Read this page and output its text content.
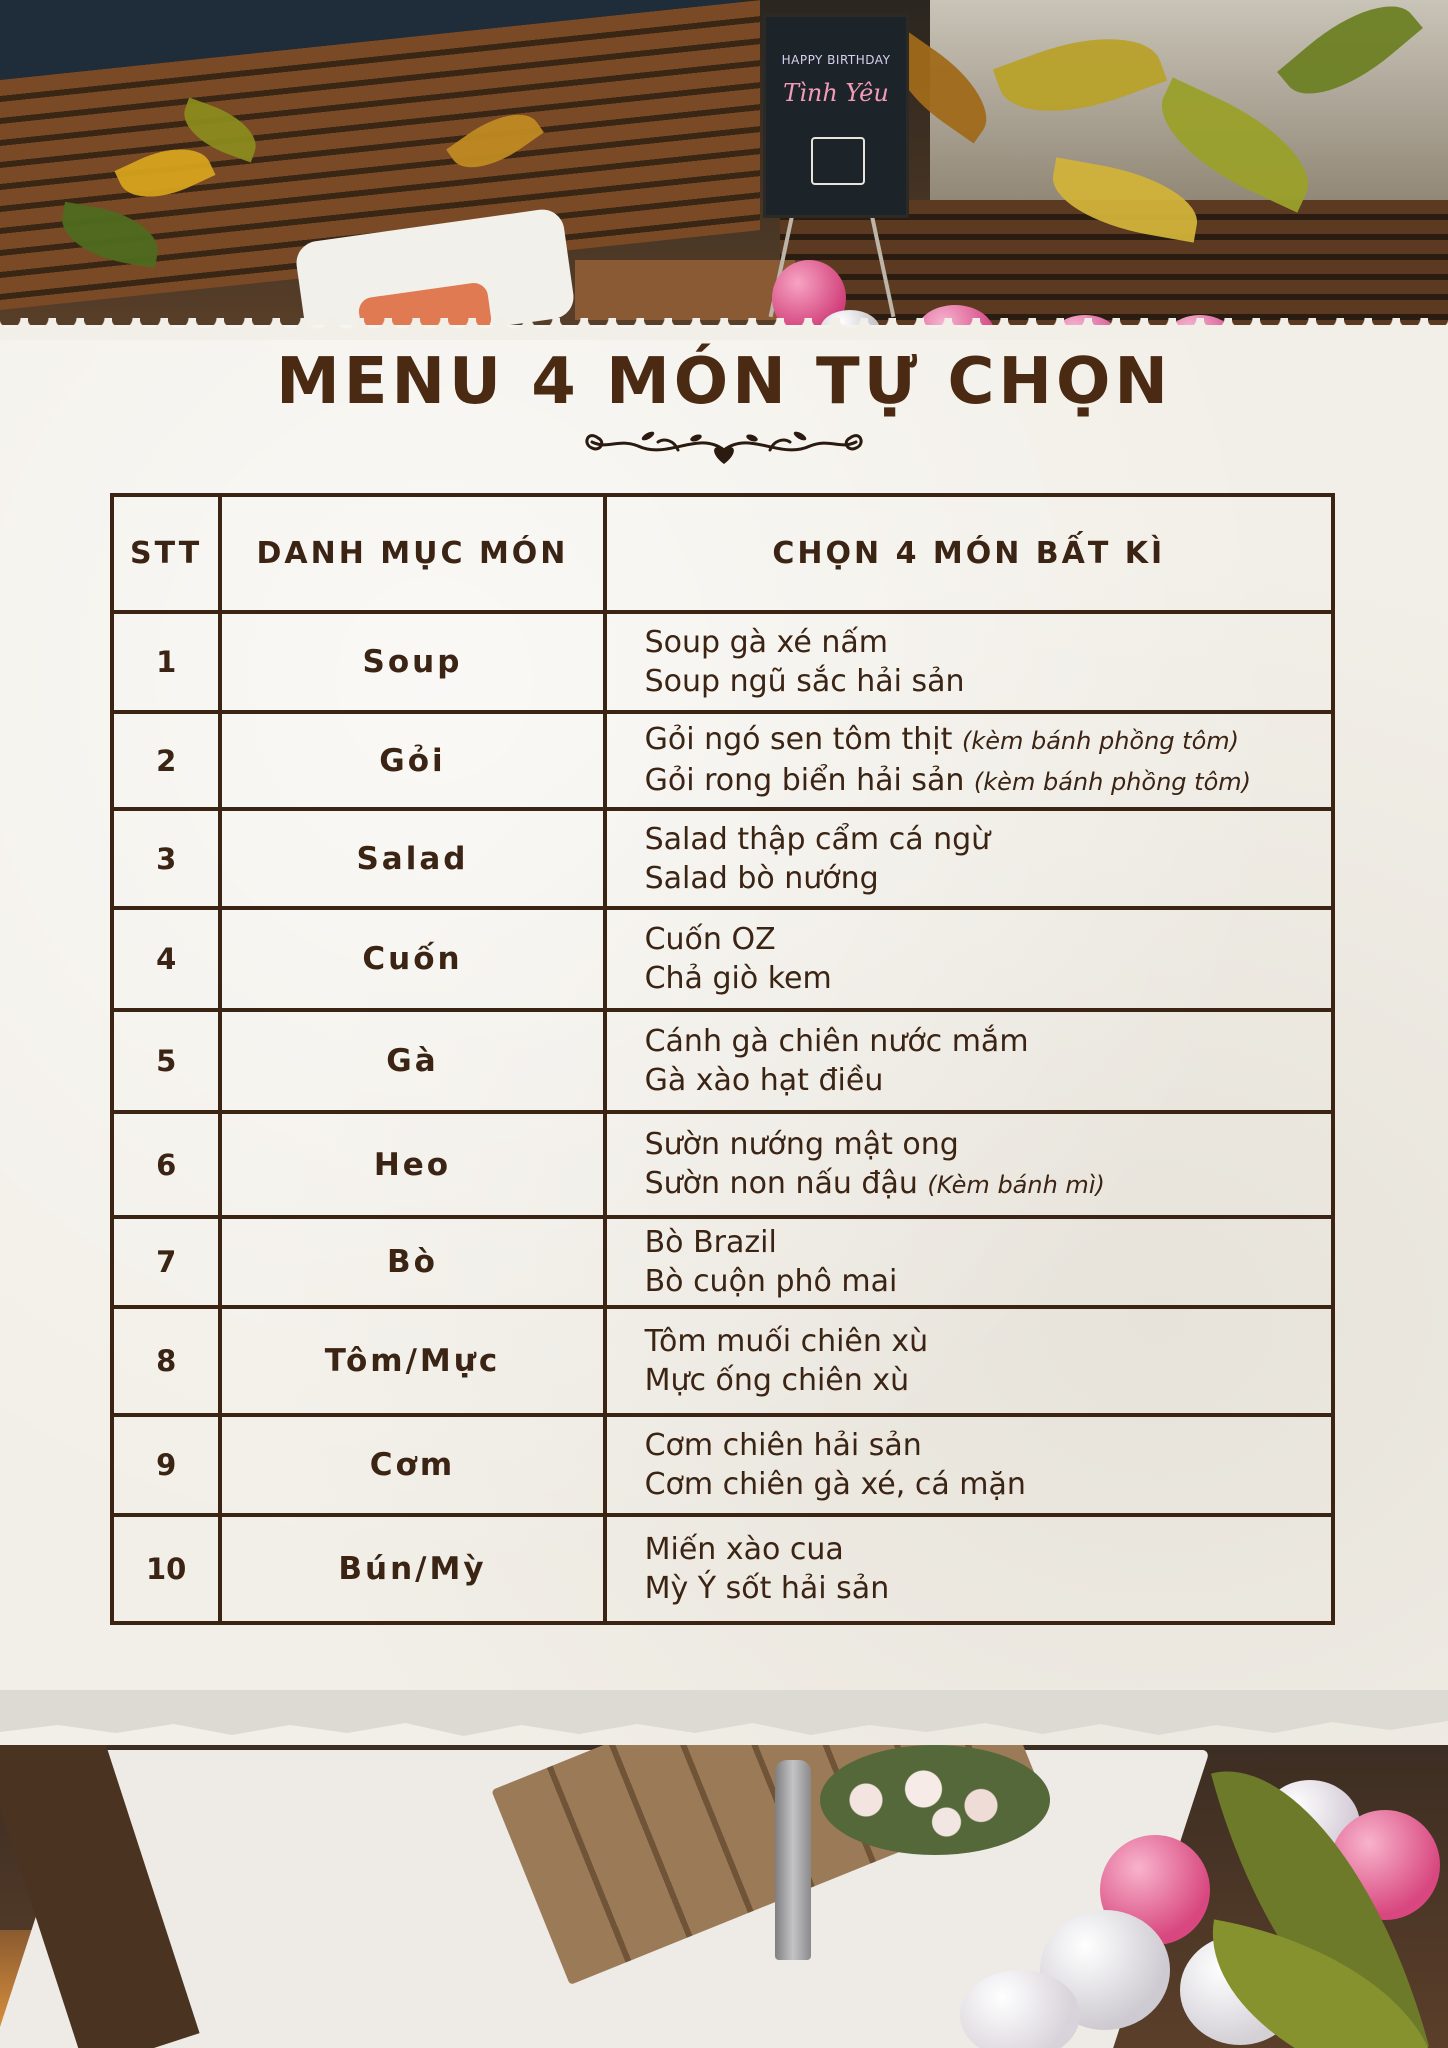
HAPPY BIRTHDAY
Tình Yêu
MENU 4 MÓN TỰ CHỌN
STT	DANH MỤC MÓN	CHỌN 4 MÓN BẤT KÌ
1	Soup	Soup gà xé nấm
Soup ngũ sắc hải sản

2	Gỏi	Gỏi ngó sen tôm thịt (kèm bánh phồng tôm)
Gỏi rong biển hải sản (kèm bánh phồng tôm)

3	Salad	Salad thập cẩm cá ngừ
Salad bò nướng

4	Cuốn	Cuốn OZ
Chả giò kem

5	Gà	Cánh gà chiên nước mắm
Gà xào hạt điều

6	Heo	Sườn nướng mật ong
Sườn non nấu đậu (Kèm bánh mì)

7	Bò	Bò Brazil
Bò cuộn phô mai

8	Tôm/Mực	Tôm muối chiên xù
Mực ống chiên xù

9	Cơm	Cơm chiên hải sản
Cơm chiên gà xé, cá mặn

10	Bún/Mỳ	Miến xào cua
Mỳ Ý sốt hải sản
